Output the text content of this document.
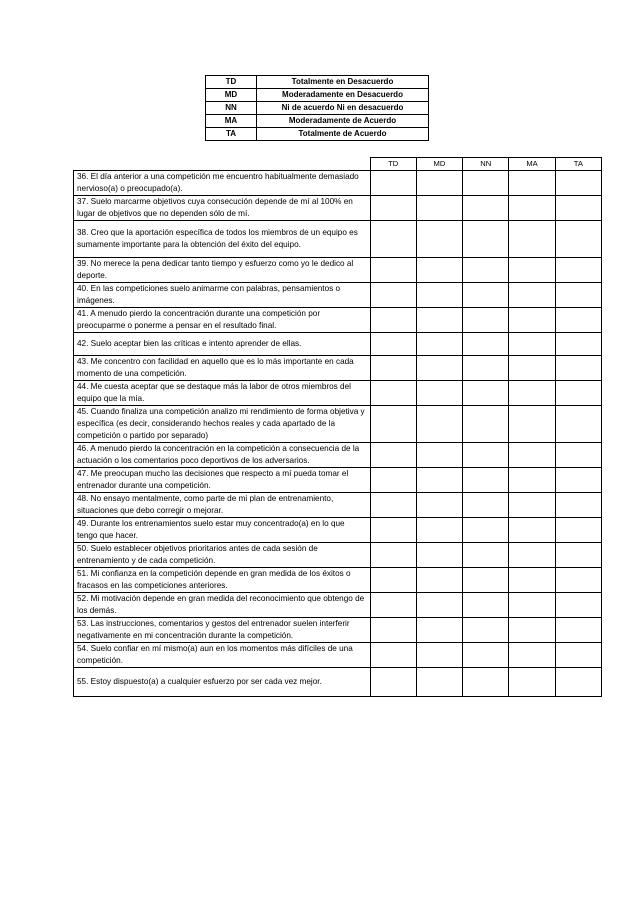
TD	Totalmente en Desacuerdo
MD	Moderadamente en Desacuerdo
NN	Ni de acuerdo Ni en desacuerdo
MA	Moderadamente de Acuerdo
TA	Totalmente de Acuerdo
	TD	MD	NN	MA	TA
36. El día anterior a una competición me encuentro habitualmente demasiado nervioso(a) o preocupado(a).					
37. Suelo marcarme objetivos cuya consecución depende de mí al 100% en lugar de objetivos que no dependen sólo de mí.					
38. Creo que la aportación específica de todos los miembros de un equipo es sumamente importante para la obtención del éxito del equipo.					
39. No merece la pena dedicar tanto tiempo y esfuerzo como yo le dedico al deporte.					
40. En las competiciones suelo animarme con palabras, pensamientos o imágenes.					
41. A menudo pierdo la concentración durante una competición por preocuparme o ponerme a pensar en el resultado final.					
42. Suelo aceptar bien las críticas e intento aprender de ellas.					
43. Me concentro con facilidad en aquello que es lo más importante en cada momento de una competición.					
44. Me cuesta aceptar que se destaque más la labor de otros miembros del equipo que la mía.					
45. Cuando finaliza una competición analizo mi rendimiento de forma objetiva y específica (es decir, considerando hechos reales y cada apartado de la competición o partido por separado)					
46. A menudo pierdo la concentración en la competición a consecuencia de la actuación o los comentarios poco deportivos de los adversarios.					
47. Me preocupan mucho las decisiones que respecto a mí pueda tomar el entrenador durante una competición.					
48. No ensayo mentalmente, como parte de mi plan de entrenamiento, situaciones que debo corregir o mejorar.					
49. Durante los entrenamientos suelo estar muy concentrado(a) en lo que tengo que hacer.					
50. Suelo establecer objetivos prioritarios antes de cada sesión de entrenamiento y de cada competición.					
51. Mi confianza en la competición depende en gran medida de los éxitos o fracasos en las competiciones anteriores.					
52. Mi motivación depende en gran medida del reconocimiento que obtengo de los demás.					
53. Las instrucciones, comentarios y gestos del entrenador suelen interferir negativamente en mi concentración durante la competición.					
54. Suelo confiar en mí mismo(a) aun en los momentos más difíciles de una competición.					
55. Estoy dispuesto(a) a cualquier esfuerzo por ser cada vez mejor.					
